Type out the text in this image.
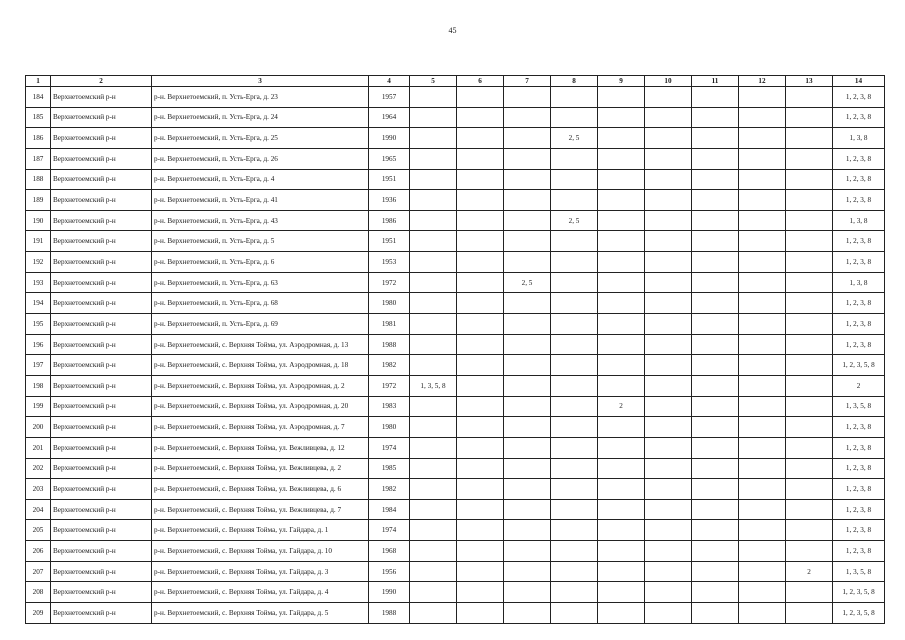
45
1	2	3	4	5	6	7	8	9	10	11	12	13	14
184	Верхнетоемский р-н	р-н. Верхнетоемский, п. Усть-Ерга, д. 23	1957										1, 2, 3, 8
185	Верхнетоемский р-н	р-н. Верхнетоемский, п. Усть-Ерга, д. 24	1964										1, 2, 3, 8
186	Верхнетоемский р-н	р-н. Верхнетоемский, п. Усть-Ерга, д. 25	1990				2, 5						1, 3, 8
187	Верхнетоемский р-н	р-н. Верхнетоемский, п. Усть-Ерга, д. 26	1965										1, 2, 3, 8
188	Верхнетоемский р-н	р-н. Верхнетоемский, п. Усть-Ерга, д. 4	1951										1, 2, 3, 8
189	Верхнетоемский р-н	р-н. Верхнетоемский, п. Усть-Ерга, д. 41	1936										1, 2, 3, 8
190	Верхнетоемский р-н	р-н. Верхнетоемский, п. Усть-Ерга, д. 43	1986				2, 5						1, 3, 8
191	Верхнетоемский р-н	р-н. Верхнетоемский, п. Усть-Ерга, д. 5	1951										1, 2, 3, 8
192	Верхнетоемский р-н	р-н. Верхнетоемский, п. Усть-Ерга, д. 6	1953										1, 2, 3, 8
193	Верхнетоемский р-н	р-н. Верхнетоемский, п. Усть-Ерга, д. 63	1972			2, 5							1, 3, 8
194	Верхнетоемский р-н	р-н. Верхнетоемский, п. Усть-Ерга, д. 68	1980										1, 2, 3, 8
195	Верхнетоемский р-н	р-н. Верхнетоемский, п. Усть-Ерга, д. 69	1981										1, 2, 3, 8
196	Верхнетоемский р-н	р-н. Верхнетоемский, с. Верхняя Тойма, ул. Аэродромная, д. 13	1988										1, 2, 3, 8
197	Верхнетоемский р-н	р-н. Верхнетоемский, с. Верхняя Тойма, ул. Аэродромная, д. 18	1982										1, 2, 3, 5, 8
198	Верхнетоемский р-н	р-н. Верхнетоемский, с. Верхняя Тойма, ул. Аэродромная, д. 2	1972	1, 3, 5, 8									2
199	Верхнетоемский р-н	р-н. Верхнетоемский, с. Верхняя Тойма, ул. Аэродромная, д. 20	1983					2					1, 3, 5, 8
200	Верхнетоемский р-н	р-н. Верхнетоемский, с. Верхняя Тойма, ул. Аэродромная, д. 7	1980										1, 2, 3, 8
201	Верхнетоемский р-н	р-н. Верхнетоемский, с. Верхняя Тойма, ул. Вежливцева, д. 12	1974										1, 2, 3, 8
202	Верхнетоемский р-н	р-н. Верхнетоемский, с. Верхняя Тойма, ул. Вежливцева, д. 2	1985										1, 2, 3, 8
203	Верхнетоемский р-н	р-н. Верхнетоемский, с. Верхняя Тойма, ул. Вежливцева, д. 6	1982										1, 2, 3, 8
204	Верхнетоемский р-н	р-н. Верхнетоемский, с. Верхняя Тойма, ул. Вежливцева, д. 7	1984										1, 2, 3, 8
205	Верхнетоемский р-н	р-н. Верхнетоемский, с. Верхняя Тойма, ул. Гайдара, д. 1	1974										1, 2, 3, 8
206	Верхнетоемский р-н	р-н. Верхнетоемский, с. Верхняя Тойма, ул. Гайдара, д. 10	1968										1, 2, 3, 8
207	Верхнетоемский р-н	р-н. Верхнетоемский, с. Верхняя Тойма, ул. Гайдара, д. 3	1956									2	1, 3, 5, 8
208	Верхнетоемский р-н	р-н. Верхнетоемский, с. Верхняя Тойма, ул. Гайдара, д. 4	1990										1, 2, 3, 5, 8
209	Верхнетоемский р-н	р-н. Верхнетоемский, с. Верхняя Тойма, ул. Гайдара, д. 5	1988										1, 2, 3, 5, 8
